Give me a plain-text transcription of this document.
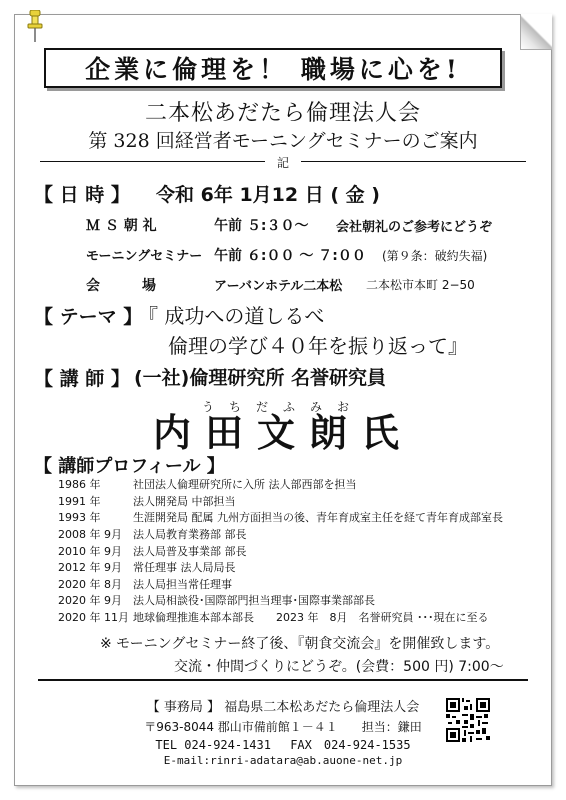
企業に倫理を！ 職場に心を!
二本松あだたら倫理法人会
第 328 回経営者モーニングセミナーのご案内
記
【 日 時 】 令和 6年 1月12 日 ( 金 )
Ｍ Ｓ 朝 礼	午前 ５:３０～ 会社朝礼のご参考にどうぞ
モーニングセミナー 午前 ６:００ ～ ７:００ (第９条：破約失福)
会　　　場	アーバンホテル二本松 二本松市本町 2−50
【 テーマ 】
『 成功への道しるべ
倫理の学び４０年を振り返って』
【 講 師 】 (一社)倫理研究所 名誉研究員
うちだふみお
内田文朗氏
【 講師プロフィール 】
1986 年	社団法人倫理研究所に入所 法人部西部を担当
1991 年	法人開発局 中部担当
1993 年	生涯開発局 配属 九州方面担当の後、青年育成室主任を経て青年育成部室長
2008 年 9月	法人局教育業務部 部長
2010 年 9月	法人局普及事業部 部長
2012 年 9月	常任理事 法人局局長
2020 年 8月	法人局担当常任理事
2020 年 9月	法人局相談役･国際部門担当理事･国際事業部部長
2020 年 11月 地球倫理推進本部本部長　　2023 年　8月　名誉研究員 ･･･現在に至る
※ モーニングセミナー終了後、『朝食交流会』を開催致します。
交流・仲間づくりにどうぞ。(会費：500 円) 7:00～
【 事務局 】 福島県二本松あだたら倫理法人会
〒963-8044 郡山市備前館１－４１　　担当：鎌田
TEL 024-924-1431　 FAX　024-924-1535
E-mail:rinri-adatara@ab.auone-net.jp
